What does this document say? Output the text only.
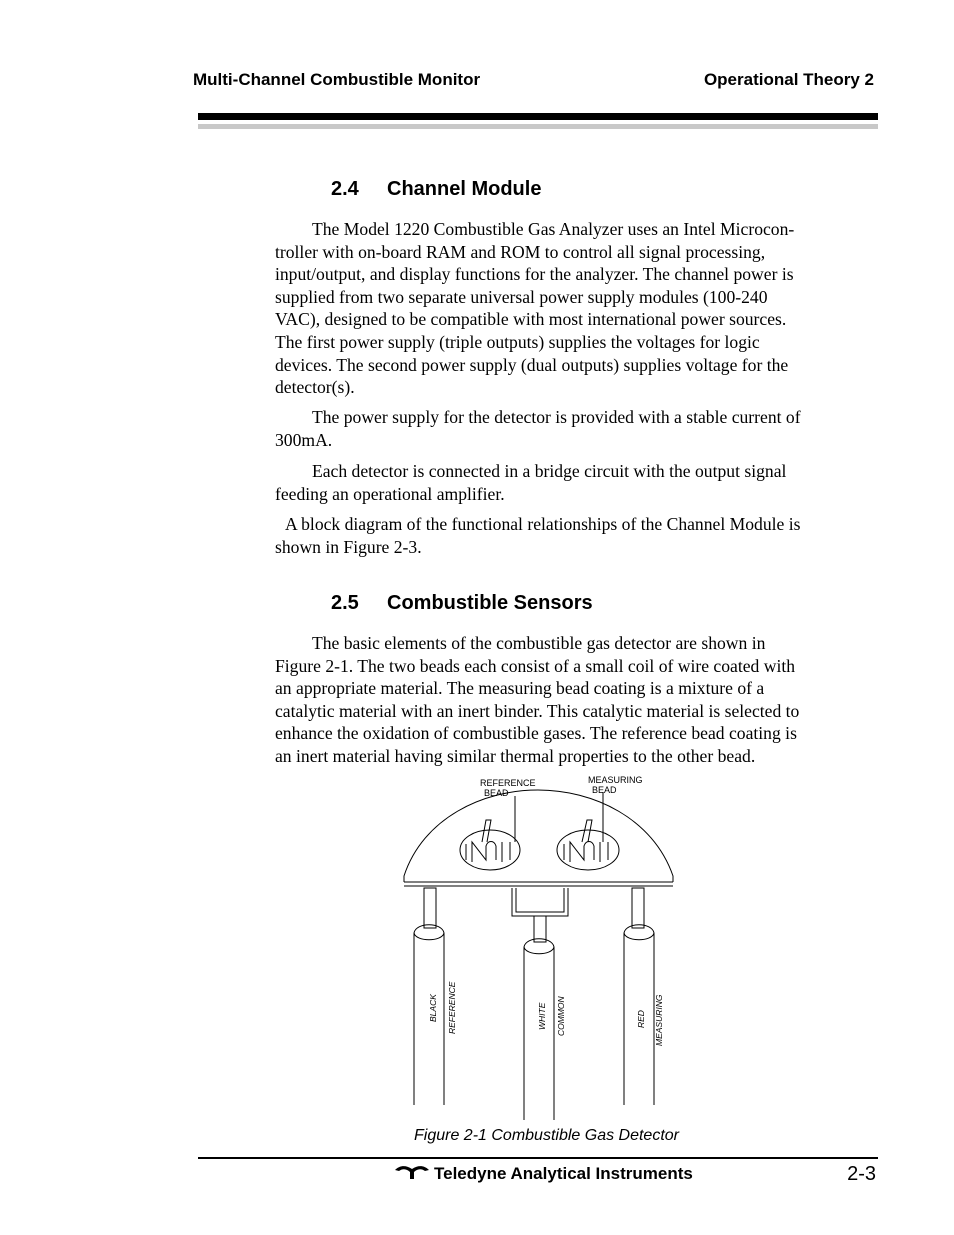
Multi-Channel Combustible Monitor	Operational Theory 2
2.4 Channel Module

The Model 1220 Combustible Gas Analyzer uses an Intel Microcon-
troller with on-board RAM and ROM to control all signal processing,
input/output, and display functions for the analyzer. The channel power is
supplied from two separate universal power supply modules (100-240
VAC), designed to be compatible with most international power sources.
The first power supply (triple outputs) supplies the voltages for logic
devices. The second power supply (dual outputs) supplies voltage for the
detector(s).

The power supply for the detector is provided with a stable current of
300mA.

Each detector is connected in a bridge circuit with the output signal
feeding an operational amplifier.

A block diagram of the functional relationships of the Channel Module is
shown in Figure 2-3.

2.5 Combustible Sensors

The basic elements of the combustible gas detector are shown in
Figure 2-1. The two beads each consist of a small coil of wire coated with
an appropriate material. The measuring bead coating is a mixture of a
catalytic material with an inert binder. This catalytic material is selected to
enhance the oxidation of combustible gases. The reference bead coating is
an inert material having similar thermal properties to the other bead.

REFERENCE
BEAD
MEASURING
BEAD
BLACK REFERENCE	WHITE COMMON	RED MEASURING
Figure 2-1 Combustible Gas Detector
Teledyne Analytical Instruments	2-3
